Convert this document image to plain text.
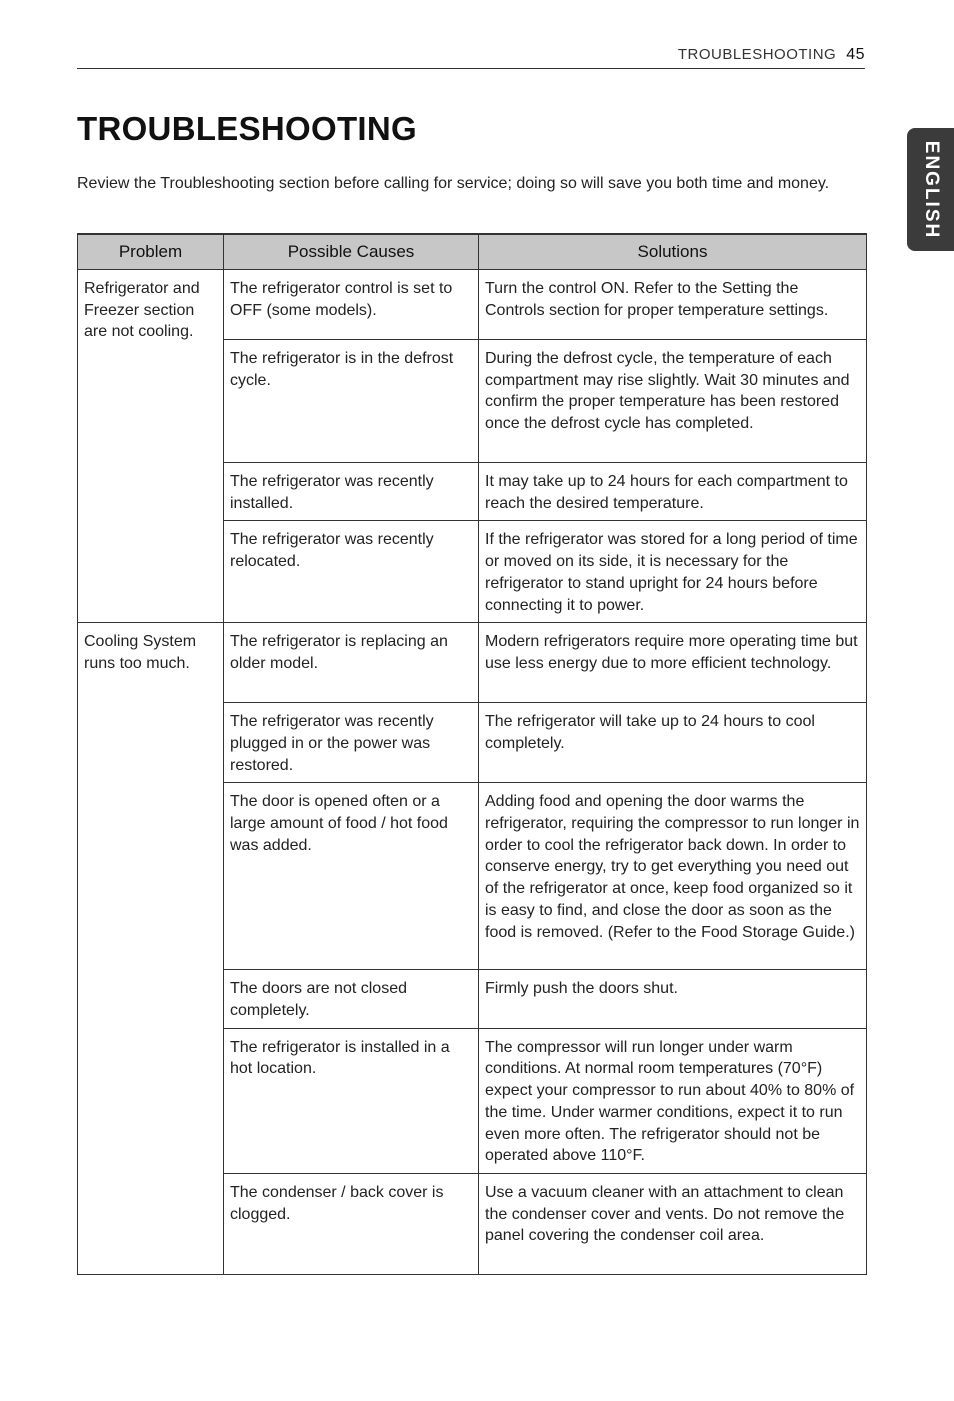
TROUBLESHOOTING 45
ENGLISH
TROUBLESHOOTING

Review the Troubleshooting section before calling for service; doing so will save you both time and money.

Problem	Possible Causes	Solutions
Refrigerator and Freezer section are not cooling.	The refrigerator control is set to OFF (some models).	Turn the control ON. Refer to the Setting the Controls section for proper temperature settings.
	The refrigerator is in the defrost cycle.	During the defrost cycle, the temperature of each compartment may rise slightly. Wait 30 minutes and confirm the proper temperature has been restored once the defrost cycle has completed.
	The refrigerator was recently installed.	It may take up to 24 hours for each compartment to reach the desired temperature.
	The refrigerator was recently relocated.	If the refrigerator was stored for a long period of time or moved on its side, it is necessary for the refrigerator to stand upright for 24 hours before connecting it to power.
Cooling System runs too much.	The refrigerator is replacing an older model.	Modern refrigerators require more operating time but use less energy due to more efficient technology.
	The refrigerator was recently plugged in or the power was restored.	The refrigerator will take up to 24 hours to cool completely.
	The door is opened often or a large amount of food / hot food was added.	Adding food and opening the door warms the refrigerator, requiring the compressor to run longer in order to cool the refrigerator back down. In order to conserve energy, try to get everything you need out of the refrigerator at once, keep food organized so it is easy to find, and close the door as soon as the food is removed. (Refer to the Food Storage Guide.)
	The doors are not closed completely.	Firmly push the doors shut.
	The refrigerator is installed in a hot location.	The compressor will run longer under warm conditions. At normal room temperatures (70°F) expect your compressor to run about 40% to 80% of the time. Under warmer conditions, expect it to run even more often. The refrigerator should not be operated above 110°F.
	The condenser / back cover is clogged.	Use a vacuum cleaner with an attachment to clean the condenser cover and vents. Do not remove the panel covering the condenser coil area.
